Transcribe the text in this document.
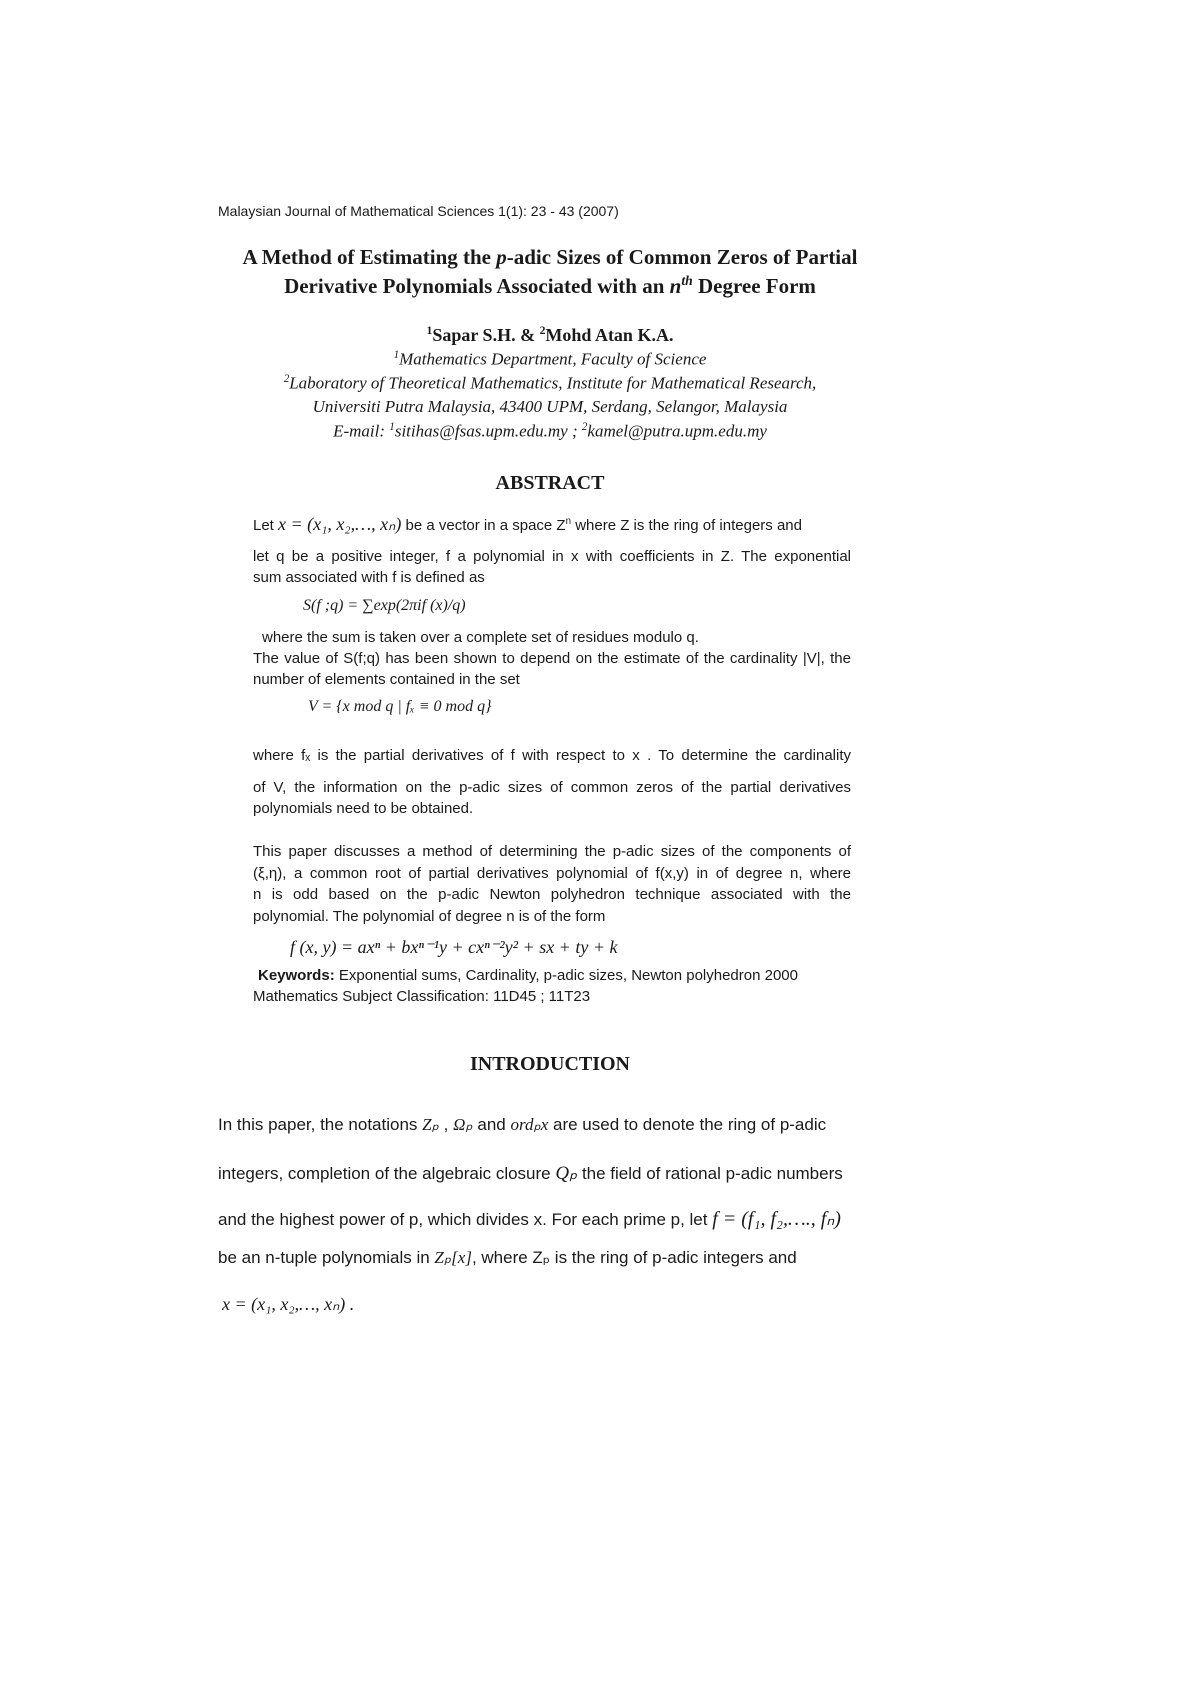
Malaysian Journal of Mathematical Sciences 1(1): 23 - 43 (2007)
A Method of Estimating the p-adic Sizes of Common Zeros of Partial
Derivative Polynomials Associated with an $n^{th}$ Degree Form
$^1$Sapar S.H. & $^2$Mohd Atan K.A.
$^1$Mathematics Department, Faculty of Science
$^2$Laboratory of Theoretical Mathematics, Institute for Mathematical Research,
Universiti Putra Malaysia, 43400 UPM, Serdang, Selangor, Malaysia
E-mail: $^1$sitihas@fsas.upm.edu.my ; $^2$kamel@putra.upm.edu.my
ABSTRACT
Let x = (x₁, x₂,…, xₙ) be a vector in a space $Z^n$ where Z is the ring of integers and
let q be a positive integer, f a polynomial in x with coefficients in Z. The exponential
sum associated with f is defined as
S(f ;q) = ∑exp(2πif (x)/q)
where the sum is taken over a complete set of residues modulo q.
The value of S(f;q) has been shown to depend on the estimate of the cardinality |V|, the
number of elements contained in the set
V = {x mod q | fₓ ≡ 0 mod q}
where fₓ is the partial derivatives of f with respect to x . To determine the cardinality
of V, the information on the p-adic sizes of common zeros of the partial derivatives
polynomials need to be obtained.
This paper discusses a method of determining the p-adic sizes of the components of
(ξ,η), a common root of partial derivatives polynomial of f(x,y) in of degree n, where
n is odd based on the p-adic Newton polyhedron technique associated with the
polynomial. The polynomial of degree n is of the form
f (x, y) = axⁿ + bxⁿ⁻¹y + cxⁿ⁻²y² + sx + ty + k
Keywords: Exponential sums, Cardinality, p-adic sizes, Newton polyhedron 2000
Mathematics Subject Classification: 11D45 ; 11T23
INTRODUCTION
In this paper, the notations Zₚ , Ωₚ and ordₚx are used to denote the ring of p-adic
integers, completion of the algebraic closure Qₚ the field of rational p-adic numbers
and the highest power of p, which divides x. For each prime p, let f = (f₁, f₂,…., fₙ)
be an n-tuple polynomials in Zₚ[x], where Zₚ is the ring of p-adic integers and
x = (x₁, x₂,…, xₙ) .
